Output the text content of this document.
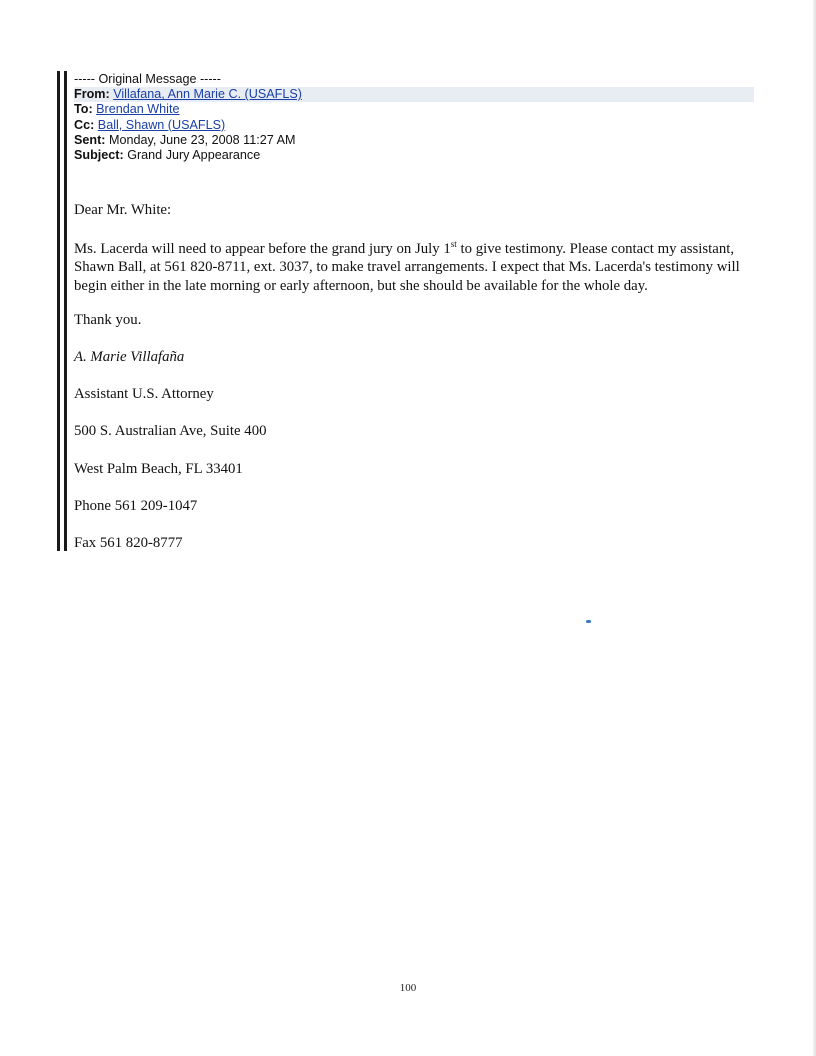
----- Original Message -----
From: Villafana, Ann Marie C. (USAFLS)
To: Brendan White
Cc: Ball, Shawn (USAFLS)
Sent: Monday, June 23, 2008 11:27 AM
Subject: Grand Jury Appearance

Dear Mr. White:

Ms. Lacerda will need to appear before the grand jury on July 1st to give testimony. Please contact my assistant, Shawn Ball, at 561 820-8711, ext. 3037, to make travel arrangements. I expect that Ms. Lacerda's testimony will begin either in the late morning or early afternoon, but she should be available for the whole day.

Thank you.

A. Marie Villafaña

Assistant U.S. Attorney

500 S. Australian Ave, Suite 400

West Palm Beach, FL 33401

Phone 561 209-1047

Fax 561 820-8777

100
